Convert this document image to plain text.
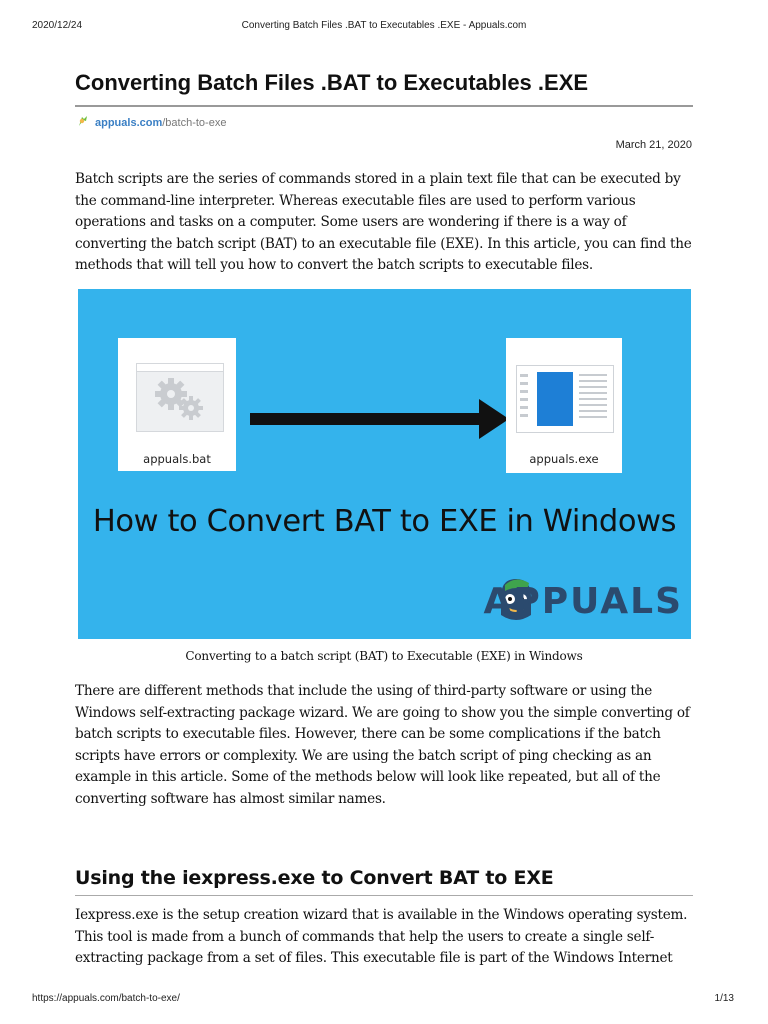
2020/12/24	Converting Batch Files .BAT to Executables .EXE - Appuals.com
Converting Batch Files .BAT to Executables .EXE
appuals.com/batch-to-exe
March 21, 2020

Batch scripts are the series of commands stored in a plain text file that can be executed by the command-line interpreter. Whereas executable files are used to perform various operations and tasks on a computer. Some users are wondering if there is a way of converting the batch script (BAT) to an executable file (EXE). In this article, you can find the methods that will tell you how to convert the batch scripts to executable files.

appuals.bat	appuals.exe
How to Convert BAT to EXE in Windows
APPUALS
Converting to a batch script (BAT) to Executable (EXE) in Windows

There are different methods that include the using of third-party software or using the Windows self-extracting package wizard. We are going to show you the simple converting of batch scripts to executable files. However, there can be some complications if the batch scripts have errors or complexity. We are using the batch script of ping checking as an example in this article. Some of the methods below will look like repeated, but all of the converting software has almost similar names.

Using the iexpress.exe to Convert BAT to EXE

Iexpress.exe is the setup creation wizard that is available in the Windows operating system. This tool is made from a bunch of commands that help the users to create a single self-extracting package from a set of files. This executable file is part of the Windows Internet

https://appuals.com/batch-to-exe/	1/13
